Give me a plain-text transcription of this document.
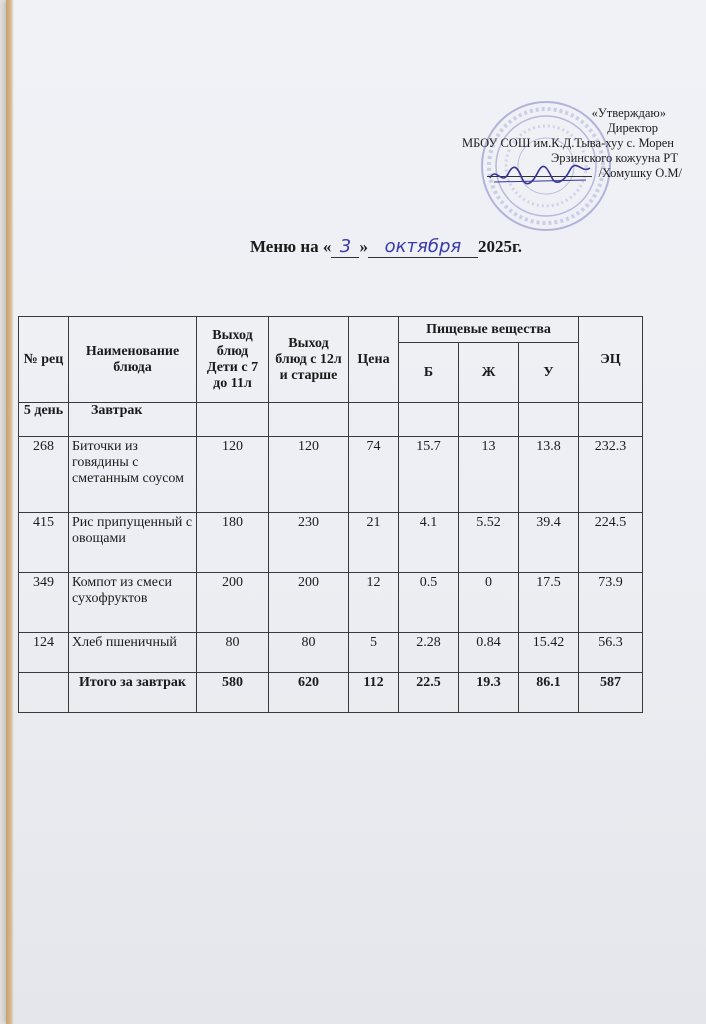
«Утверждаю»
Директор
МБОУ СОШ им.К.Д.Тыва-хуу с. Морен
Эрзинского кожууна РТ
/Хомушку О.М/
Меню на « 3 » октября 2025г.
№ рец	Наименование блюда	Выход блюд Дети с 7 до 11л	Выход блюд с 12л и старше	Цена	Пищевые вещества			ЭЦ
					Б	Ж	У	
5 день	Завтрак							
268	Биточки из говядины с сметанным соусом	120	120	74	15.7	13	13.8	232.3
415	Рис припущенный с овощами	180	230	21	4.1	5.52	39.4	224.5
349	Компот из смеси сухофруктов	200	200	12	0.5	0	17.5	73.9
124	Хлеб пшеничный	80	80	5	2.28	0.84	15.42	56.3
	Итого за завтрак	580	620	112	22.5	19.3	86.1	587
